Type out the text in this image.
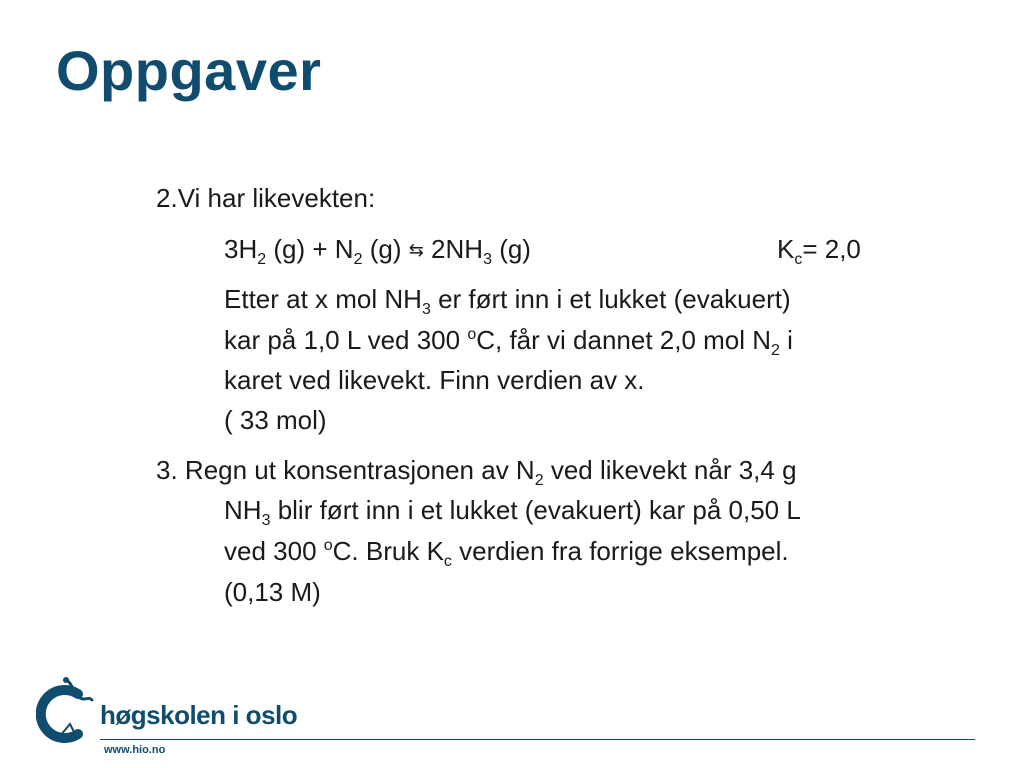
Oppgaver
2.Vi har likevekten:
$3H_2$ $(g) + N_2$ (g) ⇆ $2NH_3$ (g)	$K_c= 2,0$
Etter at x mol $NH_3$ er ført inn i et lukket (evakuert)
kar på 1,0 L ved 300 $^o$C, får vi dannet 2,0 mol $N_2$ i
karet ved likevekt. Finn verdien av x.
( 33 mol)
3. Regn ut konsentrasjonen av $N_2$ ved likevekt når 3,4 g
$NH_3$ blir ført inn i et lukket (evakuert) kar på 0,50 L
ved 300 $^o$C. Bruk $K_c$ verdien fra forrige eksempel.
(0,13 M)
høgskolen i oslo
www.hio.no
